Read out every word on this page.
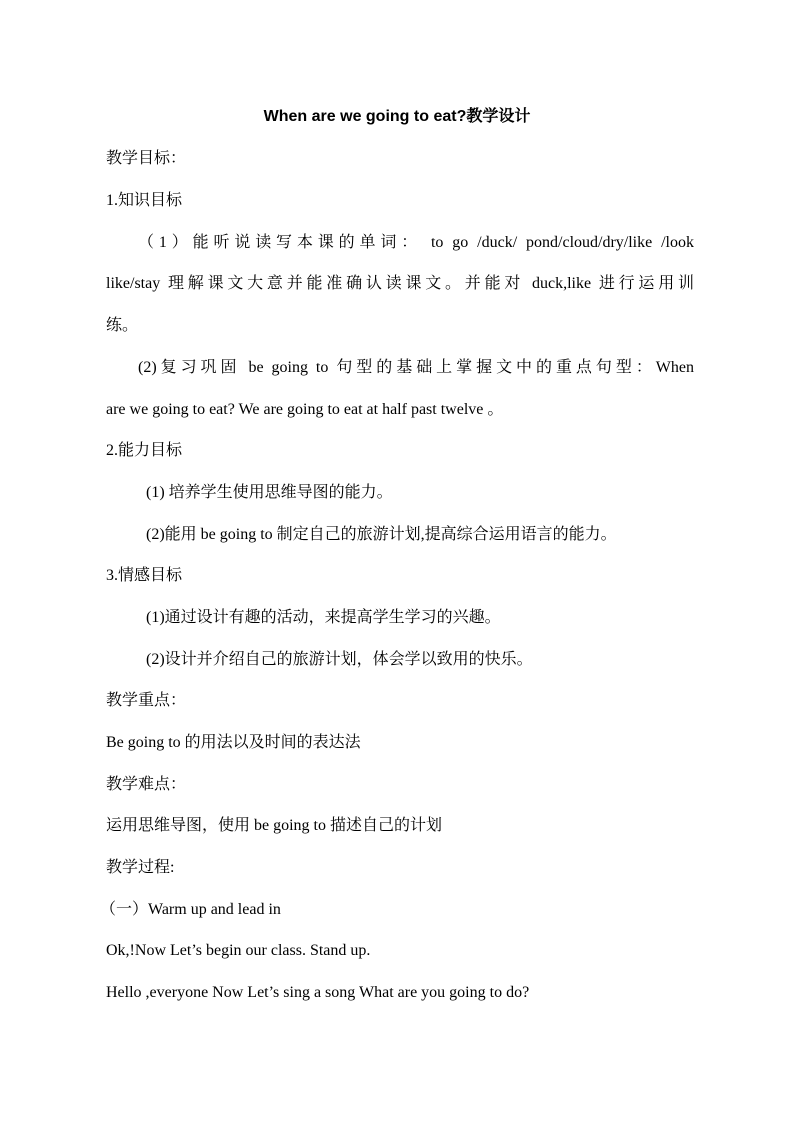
When are we going to eat?教学设计
教学目标：
1.知识目标
（1）能听说读写本课的单词： to go /duck/ pond/cloud/dry/like /look
like/stay 理解课文大意并能准确认读课文。并能对 duck,like 进行运用训
练。
(2)复习巩固 be going to 句型的基础上掌握文中的重点句型：When
are we going to eat? We are going to eat at half past twelve 。
2.能力目标
(1) 培养学生使用思维导图的能力。
(2)能用 be going to 制定自己的旅游计划,提高综合运用语言的能力。
3.情感目标
(1)通过设计有趣的活动，来提高学生学习的兴趣。
(2)设计并介绍自己的旅游计划，体会学以致用的快乐。
教学重点：
Be going to 的用法以及时间的表达法
教学难点：
运用思维导图，使用 be going to 描述自己的计划
教学过程:
（一）Warm up and lead in
Ok,!Now Let’s begin our class. Stand up.
Hello ,everyone Now Let’s sing a song What are you going to do?
